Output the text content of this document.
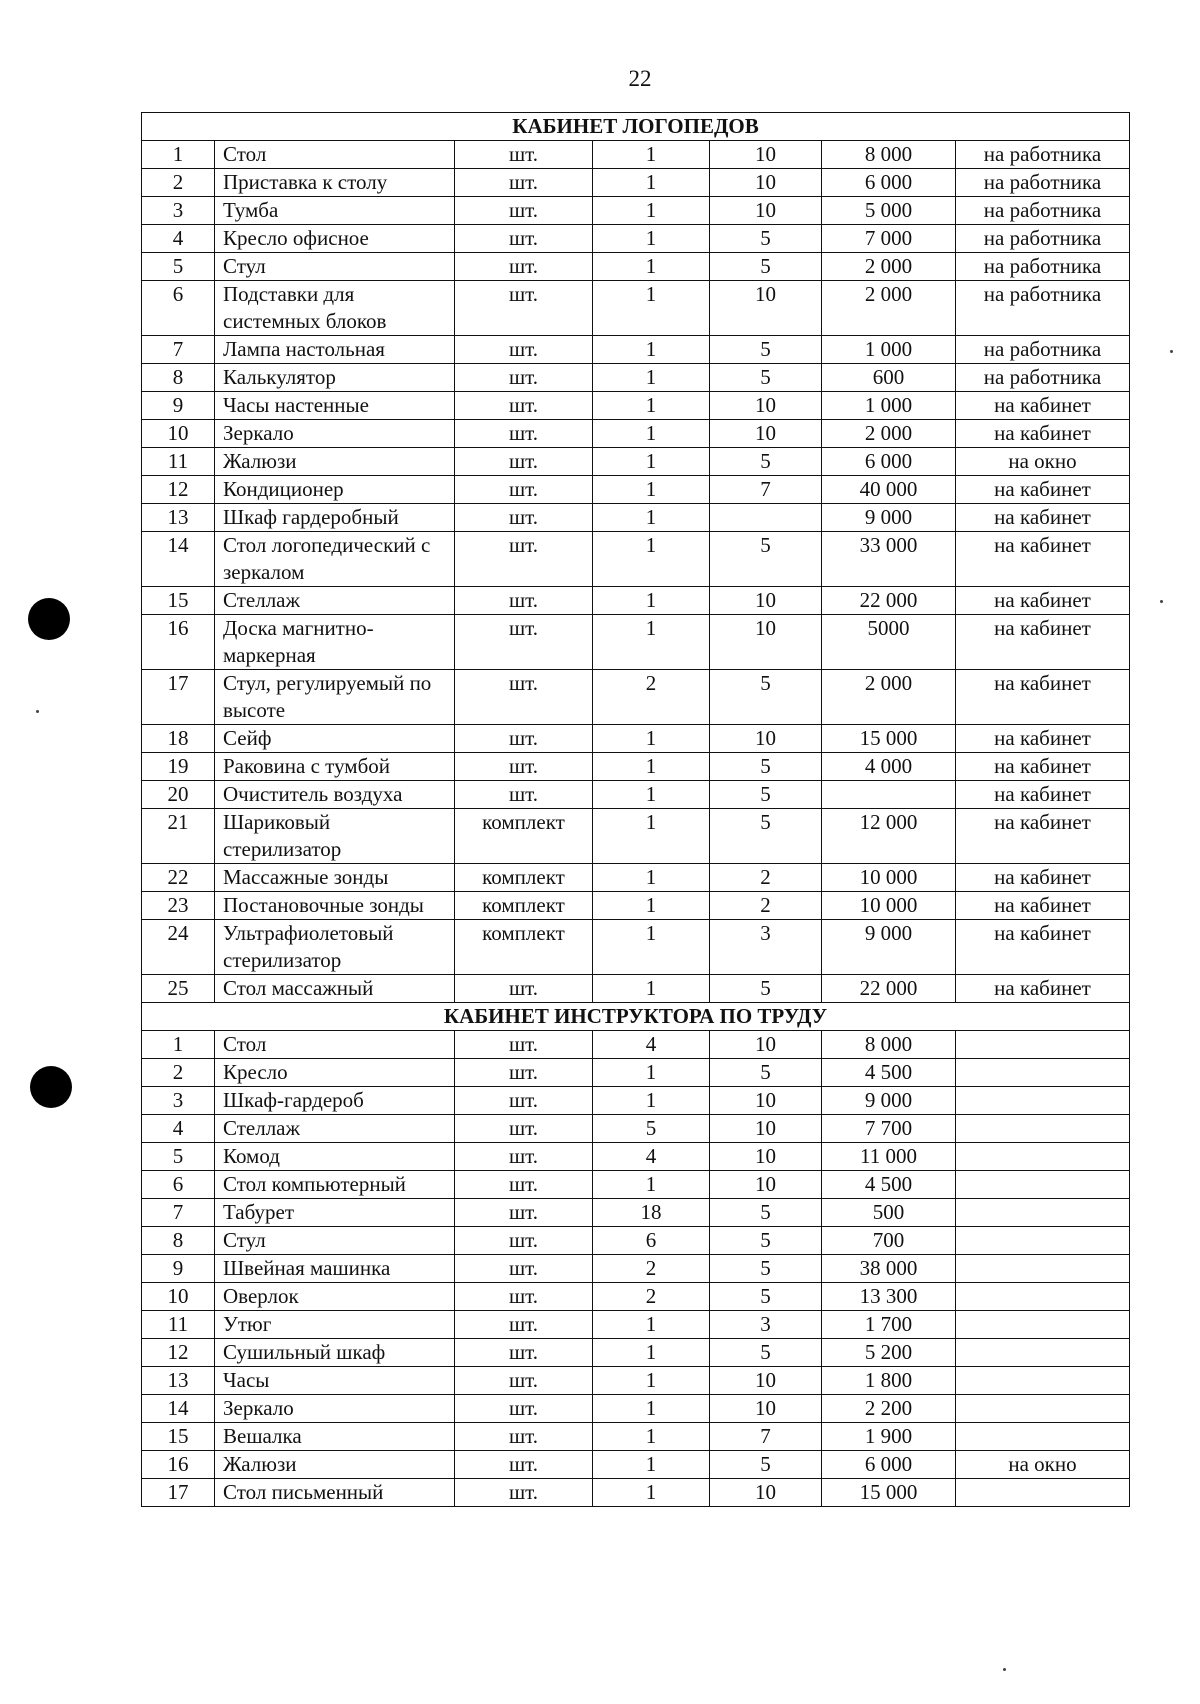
22
КАБИНЕТ ЛОГОПЕДОВ						
1	Стол	шт.	1	10	8 000	на работника
2	Приставка к столу	шт.	1	10	6 000	на работника
3	Тумба	шт.	1	10	5 000	на работника
4	Кресло офисное	шт.	1	5	7 000	на работника
5	Стул	шт.	1	5	2 000	на работника
6	Подставки для системных блоков	шт.	1	10	2 000	на работника
7	Лампа настольная	шт.	1	5	1 000	на работника
8	Калькулятор	шт.	1	5	600	на работника
9	Часы настенные	шт.	1	10	1 000	на кабинет
10	Зеркало	шт.	1	10	2 000	на кабинет
11	Жалюзи	шт.	1	5	6 000	на окно
12	Кондиционер	шт.	1	7	40 000	на кабинет
13	Шкаф гардеробный	шт.	1		9 000	на кабинет
14	Стол логопедический с зеркалом	шт.	1	5	33 000	на кабинет
15	Стеллаж	шт.	1	10	22 000	на кабинет
16	Доска магнитно-маркерная	шт.	1	10	5000	на кабинет
17	Стул, регулируемый по высоте	шт.	2	5	2 000	на кабинет
18	Сейф	шт.	1	10	15 000	на кабинет
19	Раковина с тумбой	шт.	1	5	4 000	на кабинет
20	Очиститель воздуха	шт.	1	5		на кабинет
21	Шариковый стерилизатор	комплект	1	5	12 000	на кабинет
22	Массажные зонды	комплект	1	2	10 000	на кабинет
23	Постановочные зонды	комплект	1	2	10 000	на кабинет
24	Ультрафиолетовый стерилизатор	комплект	1	3	9 000	на кабинет
25	Стол массажный	шт.	1	5	22 000	на кабинет
КАБИНЕТ ИНСТРУКТОРА ПО ТРУДУ						
1	Стол	шт.	4	10	8 000	
2	Кресло	шт.	1	5	4 500	
3	Шкаф-гардероб	шт.	1	10	9 000	
4	Стеллаж	шт.	5	10	7 700	
5	Комод	шт.	4	10	11 000	
6	Стол компьютерный	шт.	1	10	4 500	
7	Табурет	шт.	18	5	500	
8	Стул	шт.	6	5	700	
9	Швейная машинка	шт.	2	5	38 000	
10	Оверлок	шт.	2	5	13 300	
11	Утюг	шт.	1	3	1 700	
12	Сушильный шкаф	шт.	1	5	5 200	
13	Часы	шт.	1	10	1 800	
14	Зеркало	шт.	1	10	2 200	
15	Вешалка	шт.	1	7	1 900	
16	Жалюзи	шт.	1	5	6 000	на окно
17	Стол письменный	шт.	1	10	15 000	
